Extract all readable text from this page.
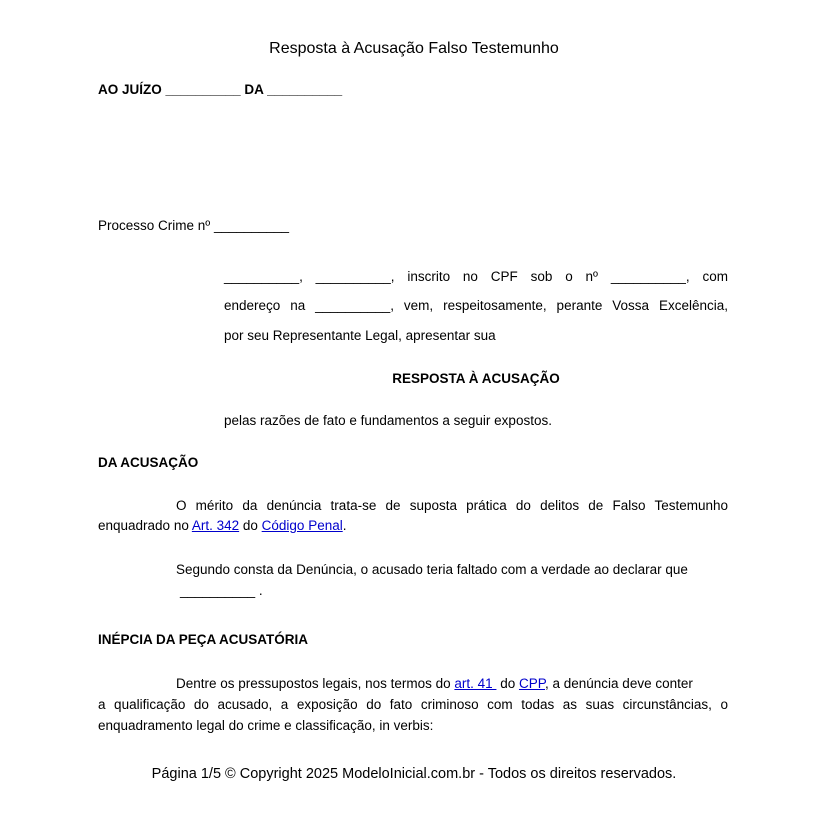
Resposta à Acusação Falso Testemunho
AO JUÍZO __________ DA __________
Processo Crime nº __________
__________, __________, inscrito no CPF sob o nº __________, com
endereço na __________, vem, respeitosamente, perante Vossa Excelência,
por seu Representante Legal, apresentar sua
RESPOSTA À ACUSAÇÃO
pelas razões de fato e fundamentos a seguir expostos.
DA ACUSAÇÃO
O mérito da denúncia trata-se de suposta prática do delitos de Falso Testemunho
enquadrado no Art. 342 do Código Penal.
Segundo consta da Denúncia, o acusado teria faltado com a verdade ao declarar que
__________ .
INÉPCIA DA PEÇA ACUSATÓRIA
Dentre os pressupostos legais, nos termos do art. 41  do CPP, a denúncia deve conter
a qualificação do acusado, a exposição do fato criminoso com todas as suas circunstâncias, o
enquadramento legal do crime e classificação, in verbis:
Página 1/5 © Copyright 2025 ModeloInicial.com.br - Todos os direitos reservados.
